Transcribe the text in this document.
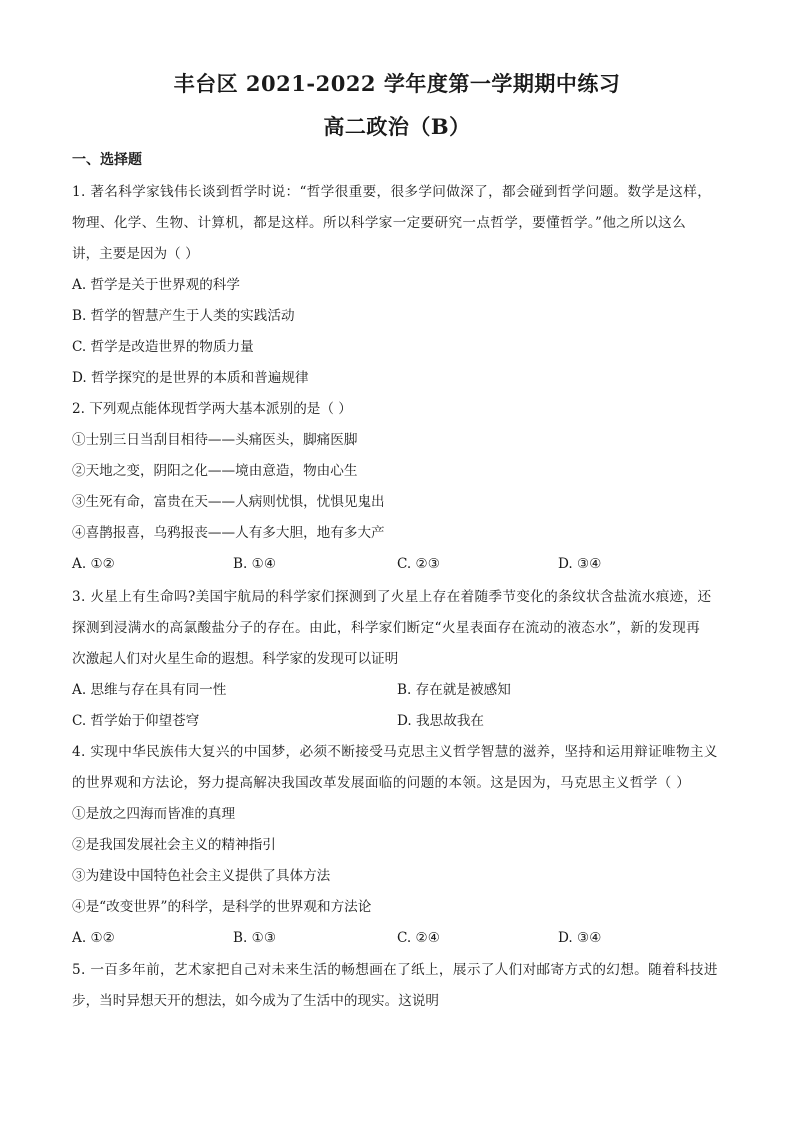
丰台区 2021-2022 学年度第一学期期中练习
高二政治（B）
一、选择题
1. 著名科学家钱伟长谈到哲学时说：“哲学很重要，很多学问做深了，都会碰到哲学问题。数学是这样，
物理、化学、生物、计算机，都是这样。所以科学家一定要研究一点哲学，要懂哲学。”他之所以这么
讲，主要是因为（ ）
A. 哲学是关于世界观的科学
B. 哲学的智慧产生于人类的实践活动
C. 哲学是改造世界的物质力量
D. 哲学探究的是世界的本质和普遍规律
2. 下列观点能体现哲学两大基本派别的是（ ）
①士别三日当刮目相待——头痛医头，脚痛医脚
②天地之变，阴阳之化——境由意造，物由心生
③生死有命，富贵在天——人病则忧惧，忧惧见鬼出
④喜鹊报喜，乌鸦报丧——人有多大胆，地有多大产
A. ①②	B. ①④	C. ②③	D. ③④
3. 火星上有生命吗?美国宇航局的科学家们探测到了火星上存在着随季节变化的条纹状含盐流水痕迹，还
探测到浸满水的高氯酸盐分子的存在。由此，科学家们断定“火星表面存在流动的液态水”，新的发现再
次激起人们对火星生命的遐想。科学家的发现可以证明
A. 思维与存在具有同一性	B. 存在就是被感知
C. 哲学始于仰望苍穹	D. 我思故我在
4. 实现中华民族伟大复兴的中国梦，必须不断接受马克思主义哲学智慧的滋养，坚持和运用辩证唯物主义
的世界观和方法论，努力提高解决我国改革发展面临的问题的本领。这是因为，马克思主义哲学（ ）
①是放之四海而皆准的真理
②是我国发展社会主义的精神指引
③为建设中国特色社会主义提供了具体方法
④是“改变世界”的科学，是科学的世界观和方法论
A. ①②	B. ①③	C. ②④	D. ③④
5. 一百多年前，艺术家把自己对未来生活的畅想画在了纸上，展示了人们对邮寄方式的幻想。随着科技进
步，当时异想天开的想法，如今成为了生活中的现实。这说明
